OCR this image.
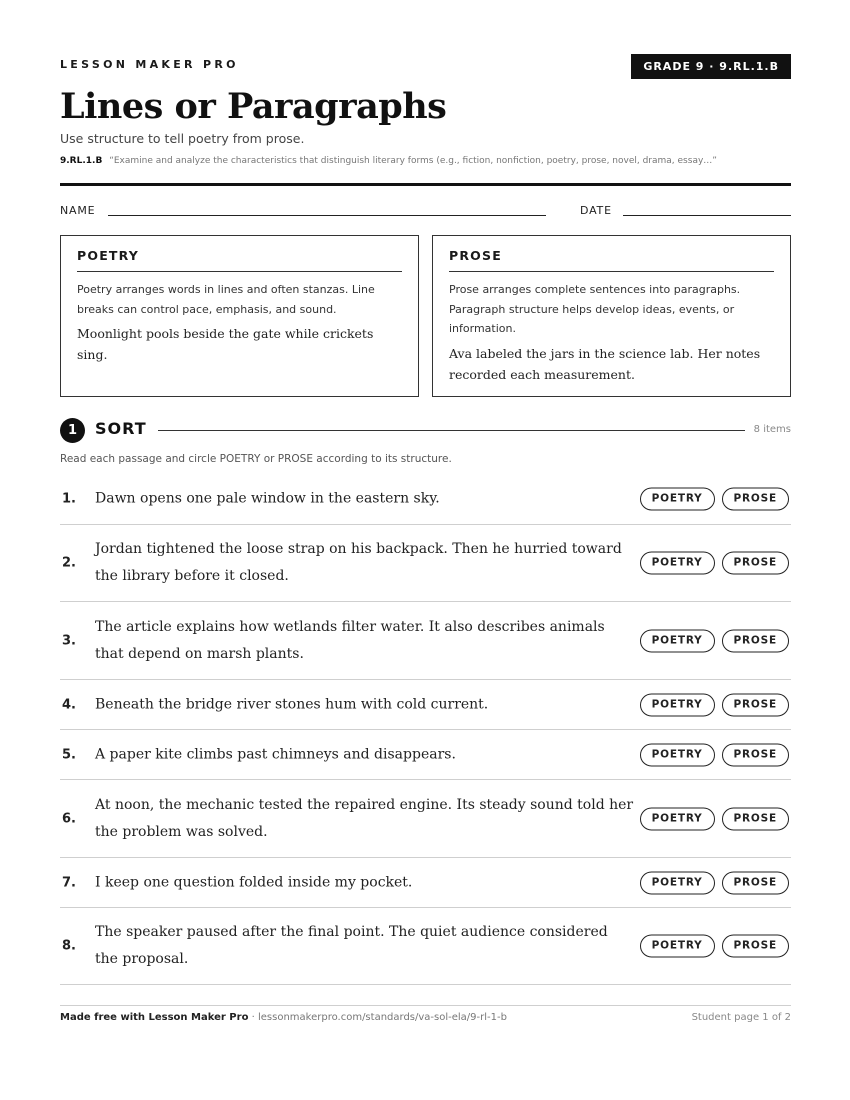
LESSON MAKER PRO	GRADE 9 · 9.RL.1.B
Lines or Paragraphs
Use structure to tell poetry from prose.
9.RL.1.B “Examine and analyze the characteristics that distinguish literary forms (e.g., fiction, nonfiction, poetry, prose, novel, drama, essay…”
NAME	DATE
POETRY

Poetry arranges words in lines and often stanzas. Line breaks can control pace, emphasis, and sound.

Moonlight pools beside the gate while crickets sing.

PROSE

Prose arranges complete sentences into paragraphs. Paragraph structure helps develop ideas, events, or information.

Ava labeled the jars in the science lab. Her notes recorded each measurement.

1	SORT	8 items
Read each passage and circle POETRY or PROSE according to its structure.
1. Dawn opens one pale window in the eastern sky.	POETRY	PROSE
2.
Jordan tightened the loose strap on his backpack. Then he hurried toward the library before it closed.
POETRY	PROSE
3.
The article explains how wetlands filter water. It also describes animals that depend on marsh plants.
POETRY	PROSE
4. Beneath the bridge river stones hum with cold current.	POETRY	PROSE
5. A paper kite climbs past chimneys and disappears.	POETRY	PROSE
6.
At noon, the mechanic tested the repaired engine. Its steady sound told her the problem was solved.
POETRY	PROSE
7. I keep one question folded inside my pocket.	POETRY	PROSE
8.
The speaker paused after the final point. The quiet audience considered the proposal.
POETRY	PROSE
Made free with Lesson Maker Pro · lessonmakerpro.com/standards/va-sol-ela/9-rl-1-b	Student page 1 of 2
